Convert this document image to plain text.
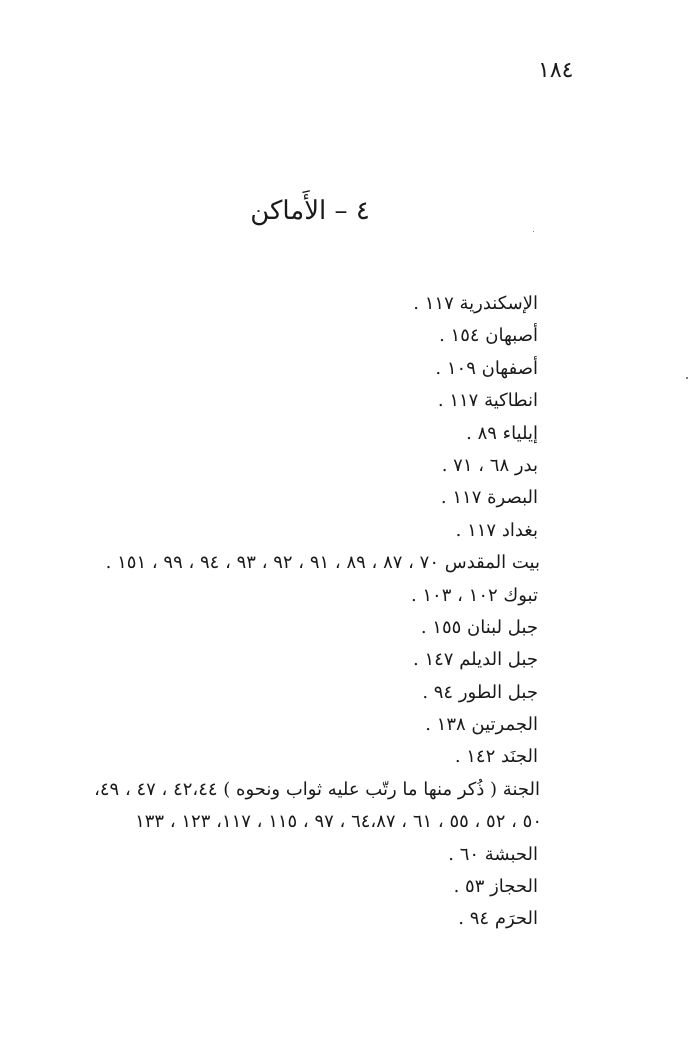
١٨٤
٤ – الأَماكن
الإسكندرية ١١٧ .
أصبهان ١٥٤ .
أصفهان ١٠٩ .
انطاكية ١١٧ .
إيلياء ٨٩ .
بدر ٦٨ ، ٧١ .
البصرة ١١٧ .
بغداد ١١٧ .
بيت المقدس ٧٠ ، ٨٧ ، ٨٩ ، ٩١ ، ٩٢ ، ٩٣ ، ٩٤ ، ٩٩ ، ١٥١ .
تبوك ١٠٢ ، ١٠٣ .
جبل لبنان ١٥٥ .
جبل الديلم ١٤٧ .
جبل الطور ٩٤ .
الجمرتين ١٣٨ .
الجنَد ١٤٢ .
الجنة ( ذُكر منها ما رتّب عليه ثواب ونحوه ) ٤٢،٤٤ ، ٤٧ ، ٤٩،
٥٠ ، ٥٢ ، ٥٥ ، ٦١ ، ٦٤،٨٧ ، ٩٧ ، ١١٥ ، ١١٧، ١٢٣ ، ١٣٣
الحبشة ٦٠ .
الحجاز ٥٣ .
الحرَم ٩٤ .
